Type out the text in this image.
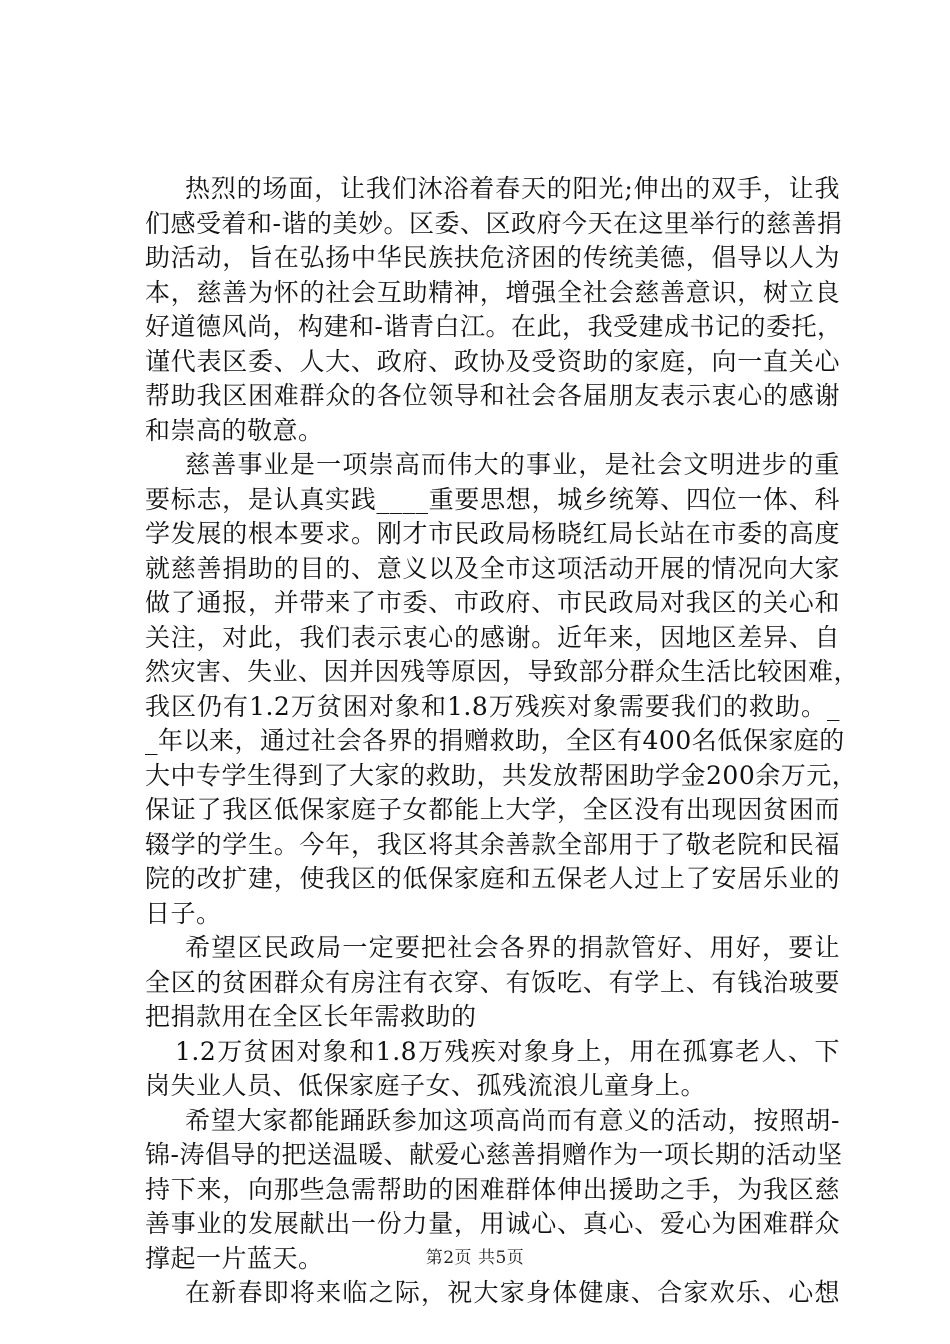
热烈的场面，让我们沐浴着春天的阳光;伸出的双手，让我
们感受着和-谐的美妙。区委、区政府今天在这里举行的慈善捐
助活动，旨在弘扬中华民族扶危济困的传统美德，倡导以人为
本，慈善为怀的社会互助精神，增强全社会慈善意识，树立良
好道德风尚，构建和-谐青白江。在此，我受建成书记的委托，
谨代表区委、人大、政府、政协及受资助的家庭，向一直关心
帮助我区困难群众的各位领导和社会各届朋友表示衷心的感谢
和崇高的敬意。
慈善事业是一项崇高而伟大的事业，是社会文明进步的重
要标志，是认真实践____重要思想，城乡统筹、四位一体、科
学发展的根本要求。刚才市民政局杨晓红局长站在市委的高度
就慈善捐助的目的、意义以及全市这项活动开展的情况向大家
做了通报，并带来了市委、市政府、市民政局对我区的关心和
关注，对此，我们表示衷心的感谢。近年来，因地区差异、自
然灾害、失业、因并因残等原因，导致部分群众生活比较困难，
我区仍有1.2万贫困对象和1.8万残疾对象需要我们的救助。_
_年以来，通过社会各界的捐赠救助，全区有400名低保家庭的
大中专学生得到了大家的救助，共发放帮困助学金200余万元，
保证了我区低保家庭子女都能上大学，全区没有出现因贫困而
辍学的学生。今年，我区将其余善款全部用于了敬老院和民福
院的改扩建，使我区的低保家庭和五保老人过上了安居乐业的
日子。
希望区民政局一定要把社会各界的捐款管好、用好，要让
全区的贫困群众有房注有衣穿、有饭吃、有学上、有钱治玻要
把捐款用在全区长年需救助的
1.2万贫困对象和1.8万残疾对象身上，用在孤寡老人、下
岗失业人员、低保家庭子女、孤残流浪儿童身上。
希望大家都能踊跃参加这项高尚而有意义的活动，按照胡-
锦-涛倡导的把送温暖、献爱心慈善捐赠作为一项长期的活动坚
持下来，向那些急需帮助的困难群体伸出援助之手，为我区慈
善事业的发展献出一份力量，用诚心、真心、爱心为困难群众
撑起一片蓝天。
在新春即将来临之际，祝大家身体健康、合家欢乐、心想
第2页 共5页
